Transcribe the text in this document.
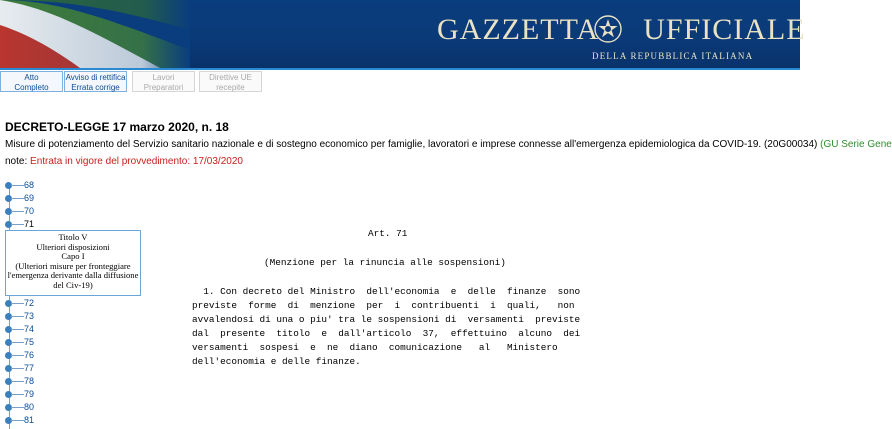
GAZZETTA UFFICIALE
DELLA REPUBBLICA ITALIANA
Atto
Completo
Avviso di rettifica
Errata corrige
Lavori
Preparatori
Direttive UE
recepite
DECRETO-LEGGE 17 marzo 2020, n. 18
Misure di potenziamento del Servizio sanitario nazionale e di sostegno economico per famiglie, lavoratori e imprese connesse all'emergenza epidemiologica da COVID-19. (20G00034) (GU Serie Gene
note: Entrata in vigore del provvedimento: 17/03/2020
68
69
70
71
Titolo V
Ulteriori disposizioni
Capo I
(Ulteriori misure per fronteggiare
l'emergenza derivante dalla diffusione
del Civ-19)
72
73
74
75
76
77
78
79
80
81
Art. 71
(Menzione per la rinuncia alle sospensioni)
1. Con decreto del Ministro  dell'economia  e  delle  finanze  sono
previste  forme  di  menzione  per  i  contribuenti  i  quali,   non
avvalendosi di una o piu' tra le sospensioni di  versamenti  previste
dal  presente  titolo  e  dall'articolo  37,  effettuino  alcuno  dei
versamenti  sospesi  e  ne  diano  comunicazione   al   Ministero
dell'economia e delle finanze.
